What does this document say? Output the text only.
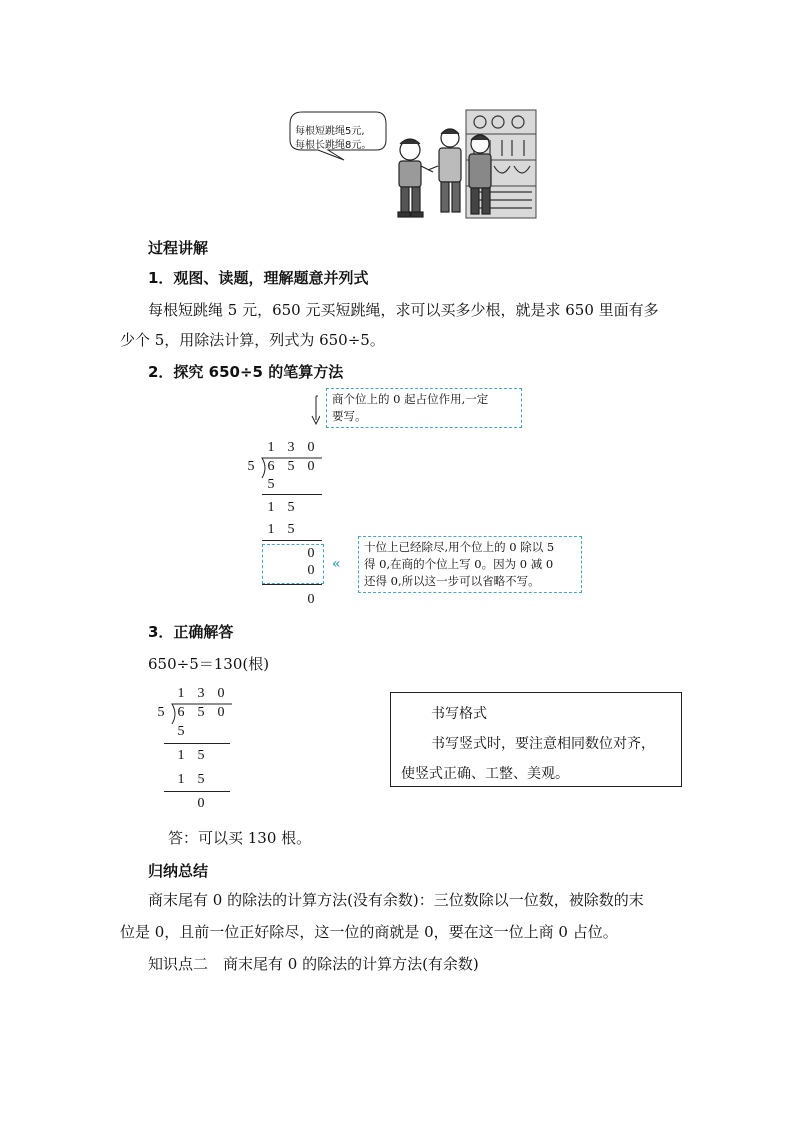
每根短跳绳5元,
每根长跳绳8元。
过程讲解
1．观图、读题，理解题意并列式
每根短跳绳 5 元，650 元买短跳绳，求可以买多少根，就是求 650 里面有多
少个 5，用除法计算，列式为 650÷5。
2．探究 650÷5 的笔算方法
商个位上的 0 起占位作用,一定
要写。
1 3 0
5 6 5 0
5
1 5
1 5
0
0
0
«
十位上已经除尽,用个位上的 0 除以 5
得 0,在商的个位上写 0。因为 0 减 0
还得 0,所以这一步可以省略不写。
3．正确解答
650÷5＝130(根)
1 3 0
5 6 5 0
5
1 5
1 5
0
书写格式
书写竖式时，要注意相同数位对齐，
使竖式正确、工整、美观。
答：可以买 130 根。
归纳总结
商末尾有 0 的除法的计算方法(没有余数)：三位数除以一位数，被除数的末
位是 0，且前一位正好除尽，这一位的商就是 0，要在这一位上商 0 占位。
知识点二　商末尾有 0 的除法的计算方法(有余数)
